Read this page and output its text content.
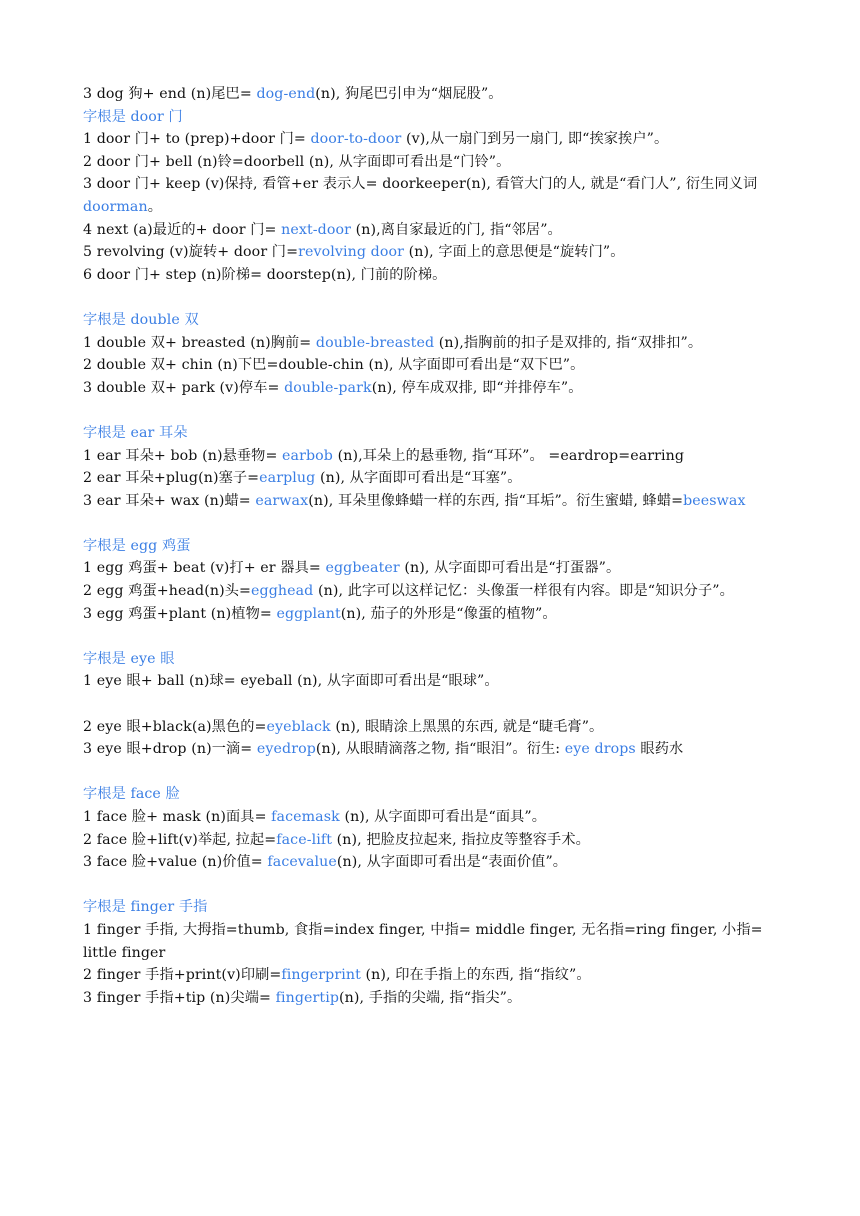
3 dog 狗+ end (n)尾巴= dog-end(n), 狗尾巴引申为“烟屁股”。
字根是 door 门
1 door 门+ to (prep)+door 门= door-to-door (v),从一扇门到另一扇门, 即“挨家挨户”。
2 door 门+ bell (n)铃=doorbell (n), 从字面即可看出是“门铃”。
3 door 门+ keep (v)保持, 看管+er 表示人= doorkeeper(n), 看管大门的人, 就是“看门人”, 衍生同义词doorman。
4 next (a)最近的+ door 门= next-door (n),离自家最近的门, 指“邻居”。
5 revolving (v)旋转+ door 门=revolving door (n), 字面上的意思便是“旋转门”。
6 door 门+ step (n)阶梯= doorstep(n), 门前的阶梯。
字根是 double 双
1 double 双+ breasted (n)胸前= double-breasted (n),指胸前的扣子是双排的, 指“双排扣”。
2 double 双+ chin (n)下巴=double-chin (n), 从字面即可看出是“双下巴”。
3 double 双+ park (v)停车= double-park(n), 停车成双排, 即“并排停车”。
字根是 ear 耳朵
1 ear 耳朵+ bob (n)悬垂物= earbob (n),耳朵上的悬垂物, 指“耳环”。 =eardrop=earring
2 ear 耳朵+plug(n)塞子=earplug (n), 从字面即可看出是“耳塞”。
3 ear 耳朵+ wax (n)蜡= earwax(n), 耳朵里像蜂蜡一样的东西, 指“耳垢”。衍生蜜蜡, 蜂蜡=beeswax
字根是 egg 鸡蛋
1 egg 鸡蛋+ beat (v)打+ er 器具= eggbeater (n), 从字面即可看出是“打蛋器”。
2 egg 鸡蛋+head(n)头=egghead (n), 此字可以这样记忆：头像蛋一样很有内容。即是“知识分子”。
3 egg 鸡蛋+plant (n)植物= eggplant(n), 茄子的外形是“像蛋的植物”。
字根是 eye 眼
1 eye 眼+ ball (n)球= eyeball (n), 从字面即可看出是“眼球”。
2 eye 眼+black(a)黑色的=eyeblack (n), 眼睛涂上黑黑的东西, 就是“睫毛膏”。
3 eye 眼+drop (n)一滴= eyedrop(n), 从眼睛滴落之物, 指“眼泪”。衍生: eye drops 眼药水
字根是 face 脸
1 face 脸+ mask (n)面具= facemask (n), 从字面即可看出是“面具”。
2 face 脸+lift(v)举起, 拉起=face-lift (n), 把脸皮拉起来, 指拉皮等整容手术。
3 face 脸+value (n)价值= facevalue(n), 从字面即可看出是“表面价值”。
字根是 finger 手指
1 finger 手指, 大拇指=thumb, 食指=index finger, 中指= middle finger, 无名指=ring finger, 小指= little finger
2 finger 手指+print(v)印刷=fingerprint (n), 印在手指上的东西, 指“指纹”。
3 finger 手指+tip (n)尖端= fingertip(n), 手指的尖端, 指“指尖”。
